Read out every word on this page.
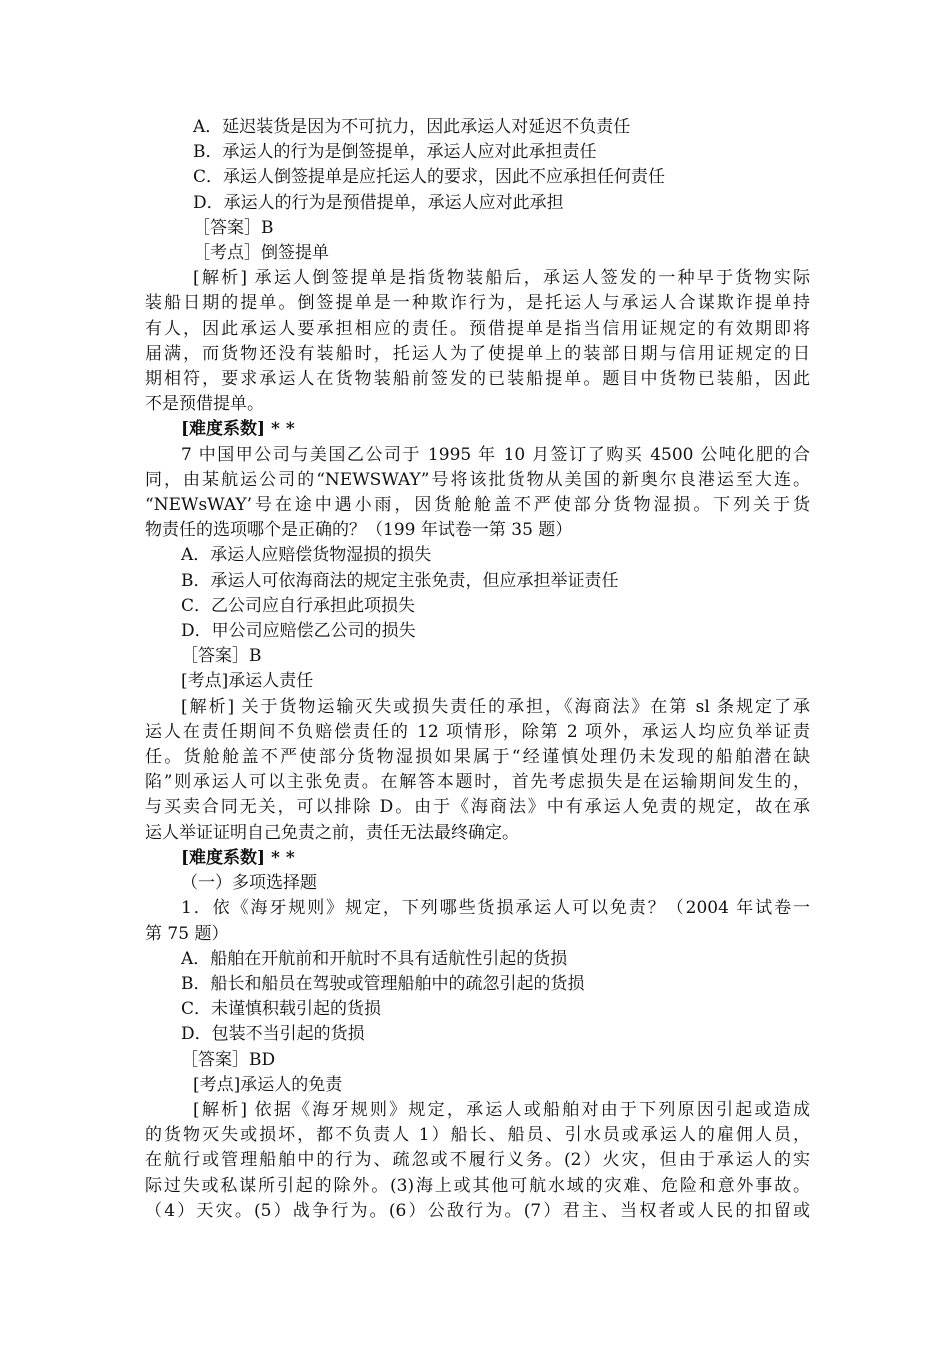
A．延迟装货是因为不可抗力，因此承运人对延迟不负责任
B．承运人的行为是倒签提单，承运人应对此承担责任
C．承运人倒签提单是应托运人的要求，因此不应承担任何责任
D．承运人的行为是预借提单，承运人应对此承担
［答案］B
［考点］倒签提单
[解析] 承运人倒签提单是指货物装船后，承运人签发的一种早于货物实际
装船日期的提单。倒签提单是一种欺诈行为，是托运人与承运人合谋欺诈提单持
有人，因此承运人要承担相应的责任。预借提单是指当信用证规定的有效期即将
届满，而货物还没有装船时，托运人为了使提单上的装部日期与信用证规定的日
期相符，要求承运人在货物装船前签发的已装船提单。题目中货物已装船，因此
不是预借提单。
[难度系数] * *
7 中国甲公司与美国乙公司于 1995 年 10 月签订了购买 4500 公吨化肥的合
同，由某航运公司的“NEWSWAY”号将该批货物从美国的新奥尔良港运至大连。
“NEWsWAY’号在途中遇小雨，因货舱舱盖不严使部分货物湿损。下列关于货
物责任的选项哪个是正确的？（199 年试卷一第 35 题）
A．承运人应赔偿货物湿损的损失
B．承运人可依海商法的规定主张免责，但应承担举证责任
C．乙公司应自行承担此项损失
D．甲公司应赔偿乙公司的损失
［答案］B
[考点]承运人责任
[解析] 关于货物运输灭失或损失责任的承担，《海商法》在第 sl 条规定了承
运人在责任期间不负赔偿责任的 12 项情形，除第 2 项外，承运人均应负举证责
任。货舱舱盖不严使部分货物湿损如果属于“经谨慎处理仍未发现的船舶潜在缺
陷”则承运人可以主张免责。在解答本题时，首先考虑损失是在运输期间发生的，
与买卖合同无关，可以排除 D。由于《海商法》中有承运人免责的规定，故在承
运人举证证明自己免责之前，责任无法最终确定。
[难度系数] * *
（一）多项选择题
1．依《海牙规则》规定，下列哪些货损承运人可以免责？（2004 年试卷一
第 75 题）
A．船舶在开航前和开航时不具有适航性引起的货损
B．船长和船员在驾驶或管理船舶中的疏忽引起的货损
C．未谨慎积载引起的货损
D．包装不当引起的货损
［答案］BD
[考点]承运人的免责
[解析] 依据《海牙规则》规定，承运人或船舶对由于下列原因引起或造成
的货物灭失或损坏，都不负责人 1）船长、船员、引水员或承运人的雇佣人员，
在航行或管理船舶中的行为、疏忽或不履行义务。(2）火灾，但由于承运人的实
际过失或私谋所引起的除外。(3)海上或其他可航水域的灾难、危险和意外事故。
（4）天灾。(5）战争行为。(6）公敌行为。(7）君主、当权者或人民的扣留或
